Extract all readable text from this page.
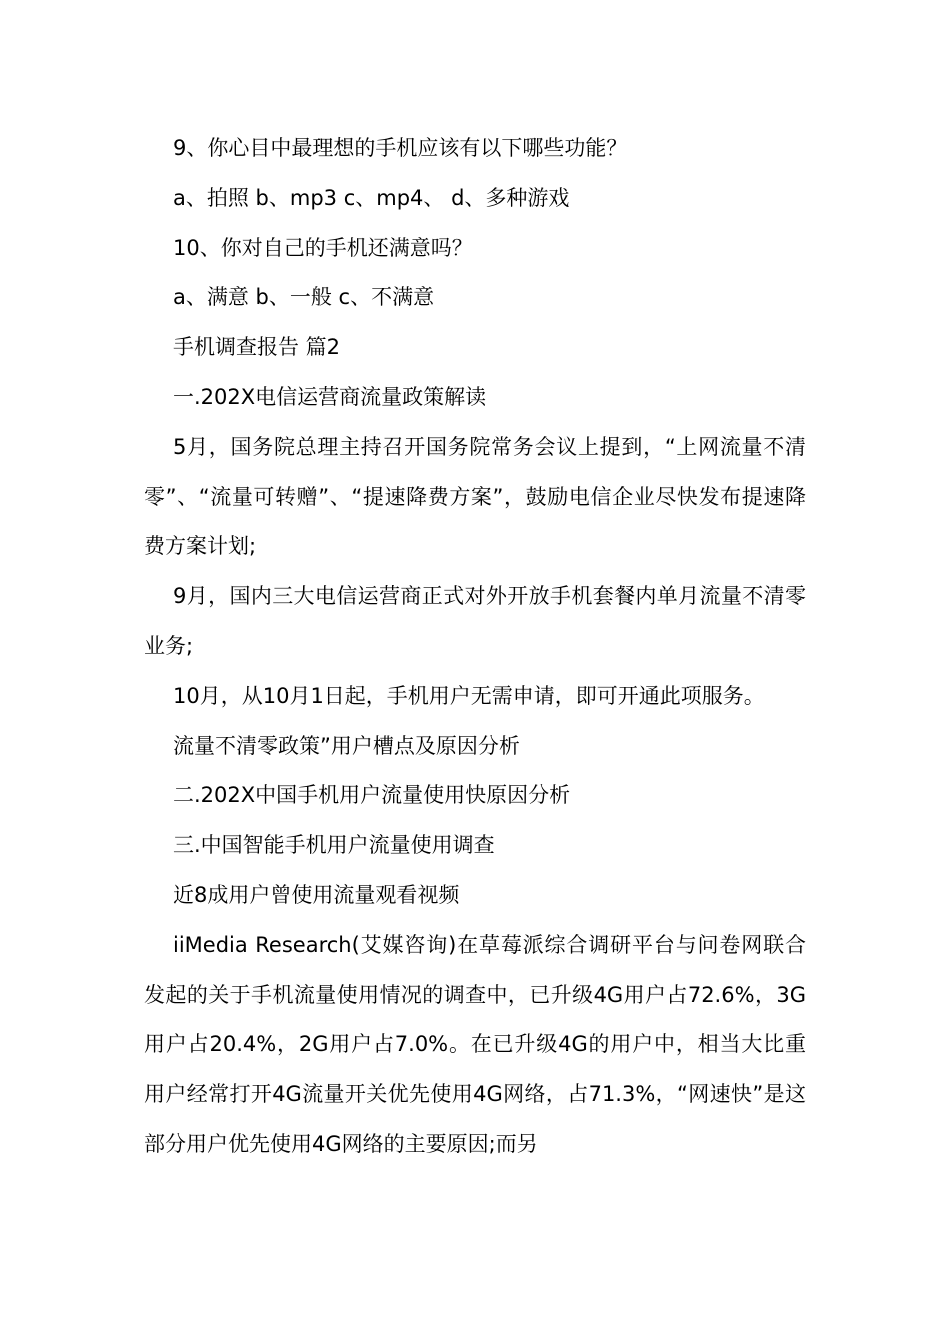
9、你心目中最理想的手机应该有以下哪些功能？

a、拍照 b、mp3 c、mp4、 d、多种游戏

10、你对自己的手机还满意吗？

a、满意 b、一般 c、不满意

手机调查报告 篇2

一.202X电信运营商流量政策解读

5月，国务院总理主持召开国务院常务会议上提到，“上网流量不清零”、“流量可转赠”、“提速降费方案”，鼓励电信企业尽快发布提速降费方案计划;

9月，国内三大电信运营商正式对外开放手机套餐内单月流量不清零业务;

10月，从10月1日起，手机用户无需申请，即可开通此项服务。

流量不清零政策”用户槽点及原因分析

二.202X中国手机用户流量使用快原因分析

三.中国智能手机用户流量使用调查

近8成用户曾使用流量观看视频

iiMedia Research(艾媒咨询)在草莓派综合调研平台与问卷网联合发起的关于手机流量使用情况的调查中，已升级4G用户占72.6%，3G用户占20.4%，2G用户占7.0%。在已升级4G的用户中，相当大比重用户经常打开4G流量开关优先使用4G网络，占71.3%，“网速快”是这部分用户优先使用4G网络的主要原因;而另
